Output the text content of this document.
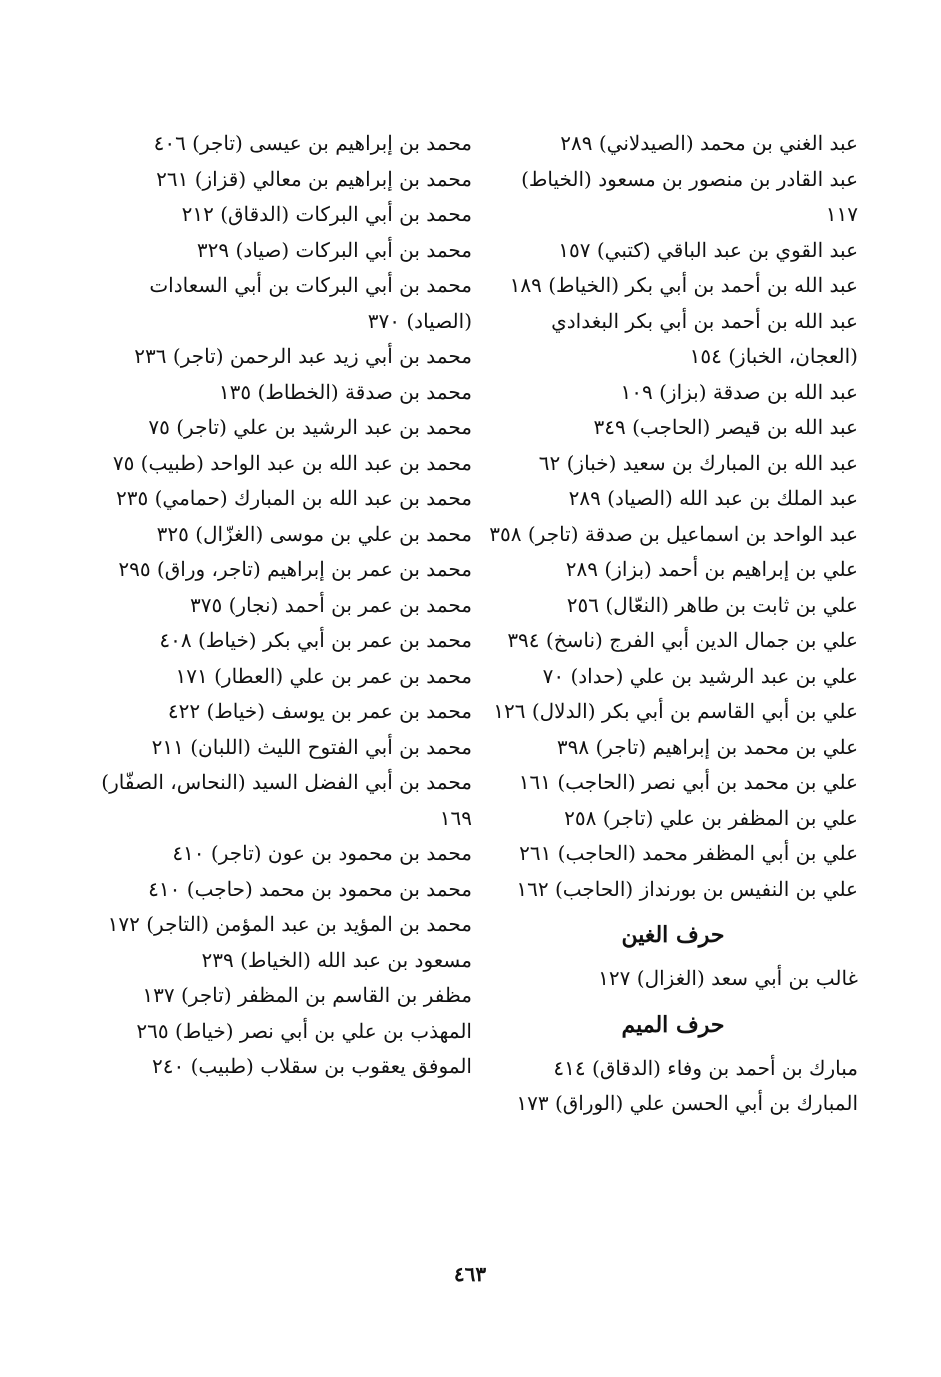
عبد الغني بن محمد (الصيدلاني) ٢٨٩

عبد القادر بن منصور بن مسعود (الخياط) ١١٧

عبد القوي بن عبد الباقي (كتبي) ١٥٧

عبد الله بن أحمد بن أبي بكر (الخياط) ١٨٩

عبد الله بن أحمد بن أبي بكر البغدادي (العجان، الخباز) ١٥٤

عبد الله بن صدقة (بزاز) ١٠٩

عبد الله بن قيصر (الحاجب) ٣٤٩

عبد الله بن المبارك بن سعيد (خباز) ٦٢

عبد الملك بن عبد الله (الصياد) ٢٨٩

عبد الواحد بن اسماعيل بن صدقة (تاجر) ٣٥٨

علي بن إبراهيم بن أحمد (بزاز) ٢٨٩

علي بن ثابت بن طاهر (النعّال) ٢٥٦

علي بن جمال الدين أبي الفرج (ناسخ) ٣٩٤

علي بن عبد الرشيد بن علي (حداد) ٧٠

علي بن أبي القاسم بن أبي بكر (الدلال) ١٢٦

علي بن محمد بن إبراهيم (تاجر) ٣٩٨

علي بن محمد بن أبي نصر (الحاجب) ١٦١

علي بن المظفر بن علي (تاجر) ٢٥٨

علي بن أبي المظفر محمد (الحاجب) ٢٦١

علي بن النفيس بن بورنداز (الحاجب) ١٦٢

حرف الغين

غالب بن أبي سعد (الغزال) ١٢٧

حرف الميم

مبارك بن أحمد بن وفاء (الدقاق) ٤١٤

المبارك بن أبي الحسن علي (الوراق) ١٧٣

محمد بن إبراهيم بن عيسى (تاجر) ٤٠٦

محمد بن إبراهيم بن معالي (قزاز) ٢٦١

محمد بن أبي البركات (الدقاق) ٢١٢

محمد بن أبي البركات (صياد) ٣٢٩

محمد بن أبي البركات بن أبي السعادات (الصياد) ٣٧٠

محمد بن أبي زيد عبد الرحمن (تاجر) ٢٣٦

محمد بن صدقة (الخطاط) ١٣٥

محمد بن عبد الرشيد بن علي (تاجر) ٧٥

محمد بن عبد الله بن عبد الواحد (طبيب) ٧٥

محمد بن عبد الله بن المبارك (حمامي) ٢٣٥

محمد بن علي بن موسى (الغزّال) ٣٢٥

محمد بن عمر بن إبراهيم (تاجر، وراق) ٢٩٥

محمد بن عمر بن أحمد (نجار) ٣٧٥

محمد بن عمر بن أبي بكر (خياط) ٤٠٨

محمد بن عمر بن علي (العطار) ١٧١

محمد بن عمر بن يوسف (خياط) ٤٢٢

محمد بن أبي الفتوح الليث (اللبان) ٢١١

محمد بن أبي الفضل السيد (النحاس، الصفّار) ١٦٩

محمد بن محمود بن عون (تاجر) ٤١٠

محمد بن محمود بن محمد (حاجب) ٤١٠

محمد بن المؤيد بن عبد المؤمن (التاجر) ١٧٢

مسعود بن عبد الله (الخياط) ٢٣٩

مظفر بن القاسم بن المظفر (تاجر) ١٣٧

المهذب بن علي بن أبي نصر (خياط) ٢٦٥

الموفق يعقوب بن سقلاب (طبيب) ٢٤٠

٤٦٣
